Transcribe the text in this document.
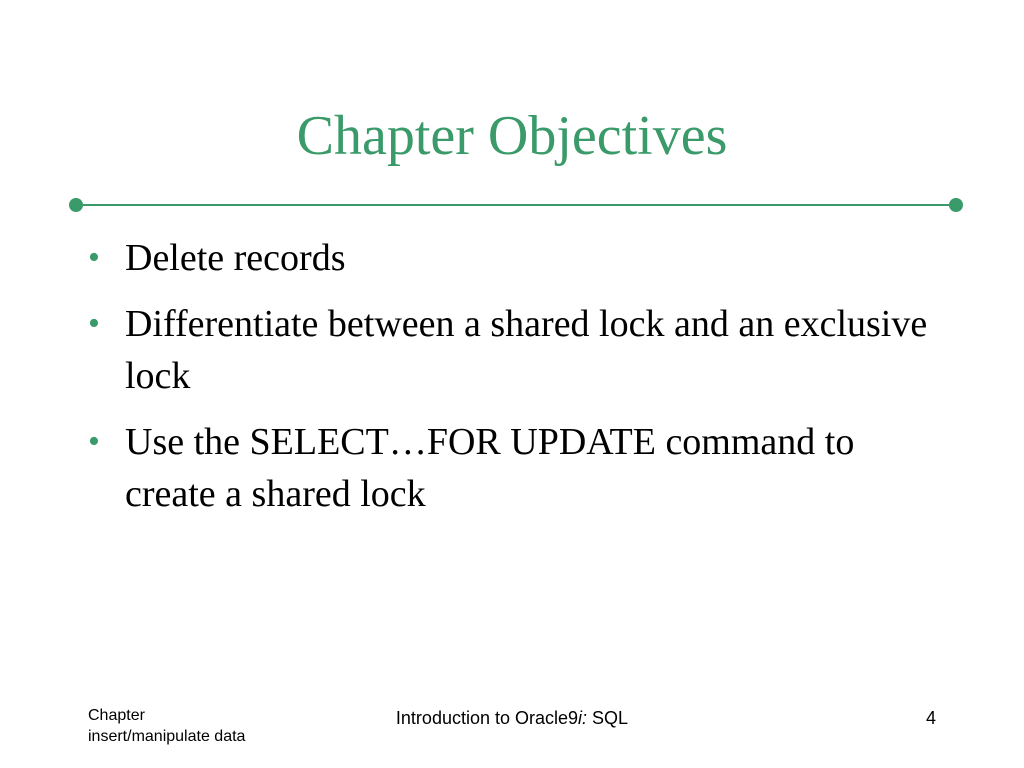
Chapter Objectives
• Delete records
• Differentiate between a shared lock and an exclusive lock
• Use the SELECT…FOR UPDATE command to create a shared lock
Chapter
insert/manipulate data
Introduction to Oracle9i: SQL	4
